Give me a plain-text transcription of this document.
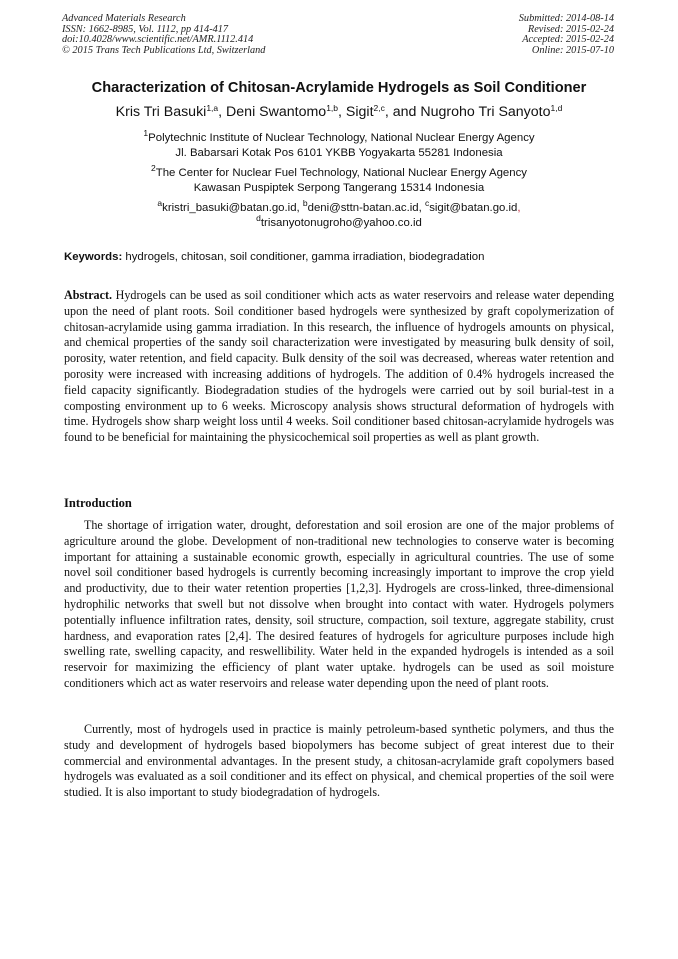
Advanced Materials Research
ISSN: 1662-8985, Vol. 1112, pp 414-417
doi:10.4028/www.scientific.net/AMR.1112.414
© 2015 Trans Tech Publications Ltd, Switzerland
Submitted: 2014-08-14
Revised: 2015-02-24
Accepted: 2015-02-24
Online: 2015-07-10
Characterization of Chitosan-Acrylamide Hydrogels as Soil Conditioner
Kris Tri Basuki$^{1,a}$, Deni Swantomo$^{1,b}$, Sigit$^{2,c}$, and Nugroho Tri Sanyoto$^{1,d}$
$^1$Polytechnic Institute of Nuclear Technology, National Nuclear Energy Agency
Jl. Babarsari Kotak Pos 6101 YKBB Yogyakarta 55281 Indonesia
$^2$The Center for Nuclear Fuel Technology, National Nuclear Energy Agency
Kawasan Puspiptek Serpong Tangerang 15314 Indonesia
$^a$kristri_basuki@batan.go.id, $^b$deni@sttn-batan.ac.id, $^c$sigit@batan.go.id,
$^d$trisanyotonugroho@yahoo.co.id
Keywords: hydrogels, chitosan, soil conditioner, gamma irradiation, biodegradation
Abstract. Hydrogels can be used as soil conditioner which acts as water reservoirs and release water depending upon the need of plant roots. Soil conditioner based hydrogels were synthesized by graft copolymerization of chitosan-acrylamide using gamma irradiation. In this research, the influence of hydrogels amounts on physical, and chemical properties of the sandy soil characterization were investigated by measuring bulk density of soil, porosity, water retention, and field capacity. Bulk density of the soil was decreased, whereas water retention and porosity were increased with increasing additions of hydrogels. The addition of 0.4% hydrogels increased the field capacity significantly. Biodegradation studies of the hydrogels were carried out by soil burial-test in a composting environment up to 6 weeks. Microscopy analysis shows structural deformation of hydrogels with time. Hydrogels show sharp weight loss until 4 weeks. Soil conditioner based chitosan-acrylamide hydrogels was found to be beneficial for maintaining the physicochemical soil properties as well as plant growth.
Introduction
The shortage of irrigation water, drought, deforestation and soil erosion are one of the major problems of agriculture around the globe. Development of non-traditional new technologies to conserve water is becoming important for attaining a sustainable economic growth, especially in agricultural countries. The use of some novel soil conditioner based hydrogels is currently becoming increasingly important to improve the crop yield and productivity, due to their water retention properties [1,2,3]. Hydrogels are cross-linked, three-dimensional hydrophilic networks that swell but not dissolve when brought into contact with water. Hydrogels polymers potentially influence infiltration rates, density, soil structure, compaction, soil texture, aggregate stability, crust hardness, and evaporation rates [2,4]. The desired features of hydrogels for agriculture purposes include high swelling rate, swelling capacity, and reswellibility. Water held in the expanded hydrogels is intended as a soil reservoir for maximizing the efficiency of plant water uptake. hydrogels can be used as soil moisture conditioners which act as water reservoirs and release water depending upon the need of plant roots.
Currently, most of hydrogels used in practice is mainly petroleum-based synthetic polymers, and thus the study and development of hydrogels based biopolymers has become subject of great interest due to their commercial and environmental advantages. In the present study, a chitosan-acrylamide graft copolymers based hydrogels was evaluated as a soil conditioner and its effect on physical, and chemical properties of the soil were studied. It is also important to study biodegradation of hydrogels.
